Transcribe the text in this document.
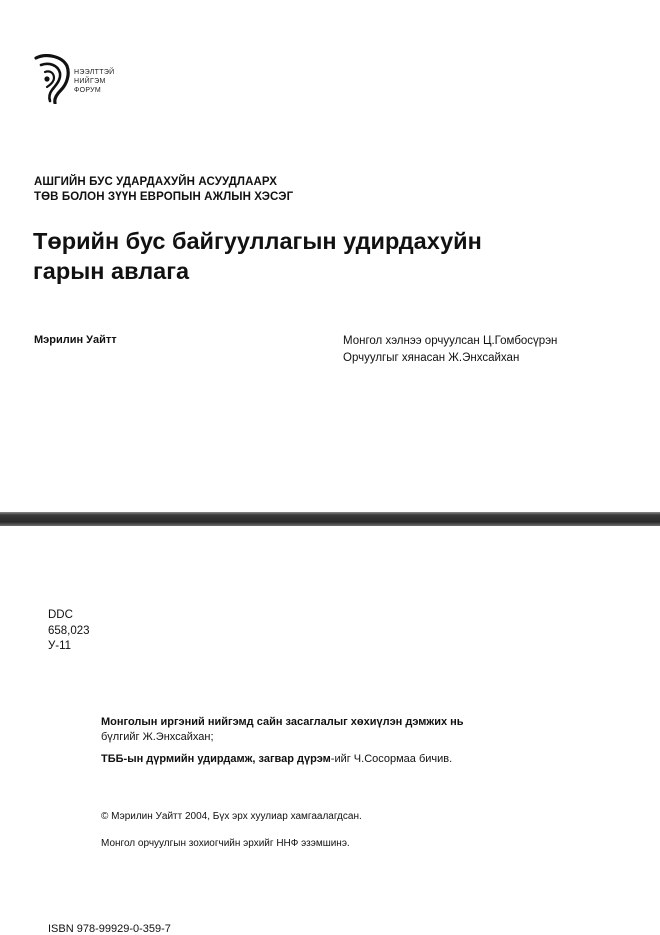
НЭЭЛТТЭЙ
НИЙГЭМ
ФОРУМ
АШГИЙН БУС УДАРДАХУЙН АСУУДЛААРХ
ТӨВ БОЛОН ЗҮҮН ЕВРОПЫН АЖЛЫН ХЭСЭГ
Төрийн бус байгууллагын удирдахуйн
гарын авлага
Мэрилин Уайтт	Монгол хэлнээ орчуулсан Ц.Гомбосүрэн
Орчуулгыг хянасан Ж.Энхсайхан
DDC
658,023
У-11
Монголын иргэний нийгэмд сайн засаглалыг хөхиүлэн дэмжих нь
бүлгийг Ж.Энхсайхан;
ТББ-ын дүрмийн удирдамж, загвар дүрэм-ийг Ч.Сосормаа бичив.
© Мэрилин Уайтт 2004, Бүх эрх хуулиар хамгаалагдсан.
Монгол орчуулгын зохиогчийн эрхийг ННФ эзэмшинэ.
ISBN 978-99929-0-359-7
